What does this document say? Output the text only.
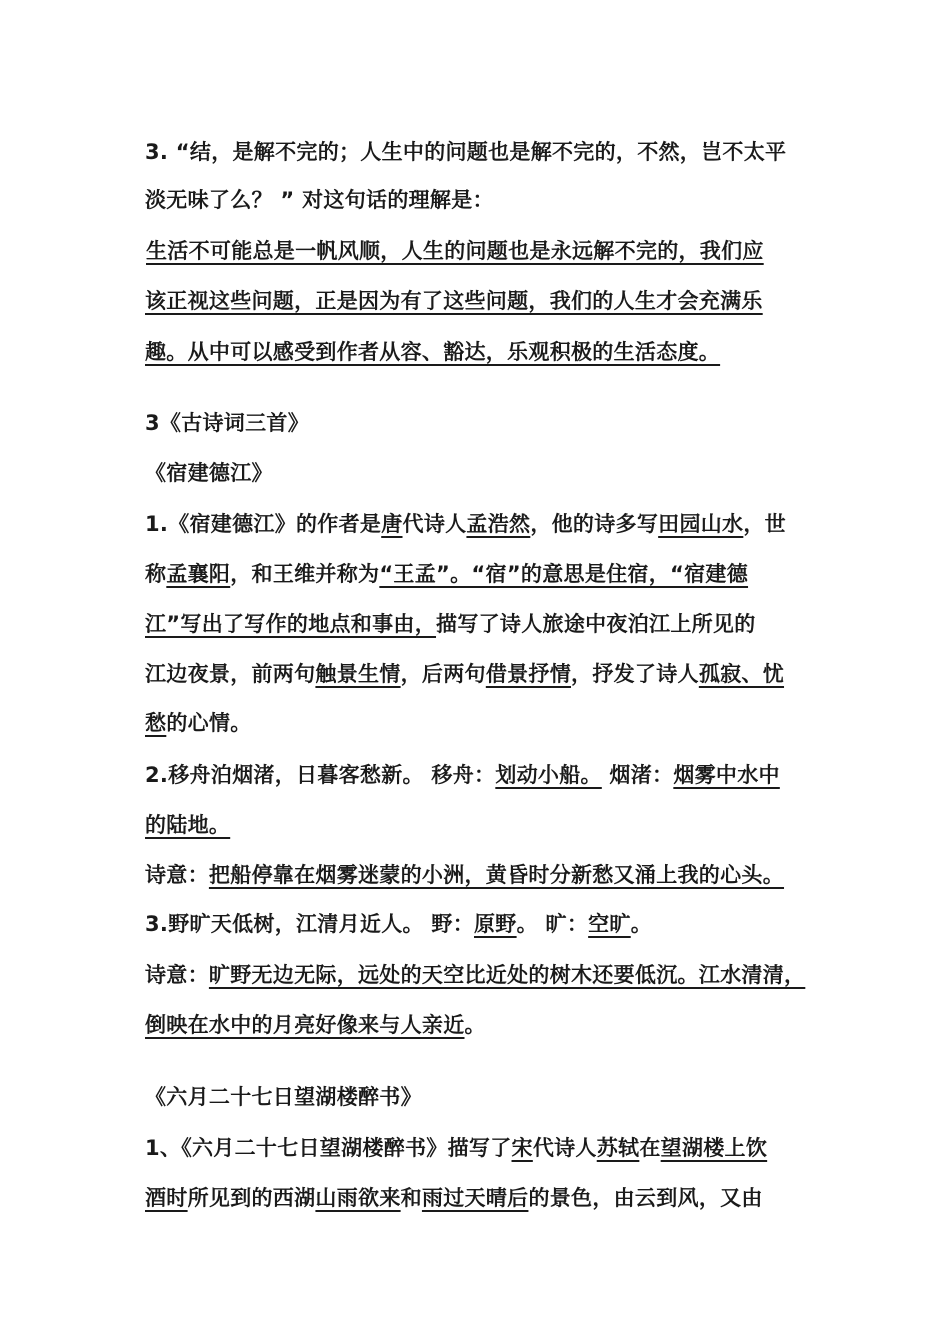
3. “结，是解不完的；人生中的问题也是解不完的，不然，岂不太平
淡无味了么？ ” 对这句话的理解是：
生活不可能总是一帆风顺，人生的问题也是永远解不完的，我们应
该正视这些问题，正是因为有了这些问题，我们的人生才会充满乐
趣。从中可以感受到作者从容、豁达，乐观积极的生活态度。
3《古诗词三首》
《宿建德江》
1.《宿建德江》的作者是唐代诗人孟浩然，他的诗多写田园山水，世
称孟襄阳，和王维并称为“王孟”。“宿”的意思是住宿，“宿建德
江”写出了写作的地点和事由，描写了诗人旅途中夜泊江上所见的
江边夜景，前两句触景生情，后两句借景抒情，抒发了诗人孤寂、忧
愁的心情。
2.移舟泊烟渚，日暮客愁新。 移舟：划动小船。 烟渚：烟雾中水中
的陆地。
诗意：把船停靠在烟雾迷蒙的小洲，黄昏时分新愁又涌上我的心头。
3.野旷天低树，江清月近人。 野：原野。 旷：空旷。
诗意：旷野无边无际，远处的天空比近处的树木还要低沉。江水清清，
倒映在水中的月亮好像来与人亲近。
《六月二十七日望湖楼醉书》
1、《六月二十七日望湖楼醉书》描写了宋代诗人苏轼在望湖楼上饮
酒时所见到的西湖山雨欲来和雨过天晴后的景色，由云到风，又由
